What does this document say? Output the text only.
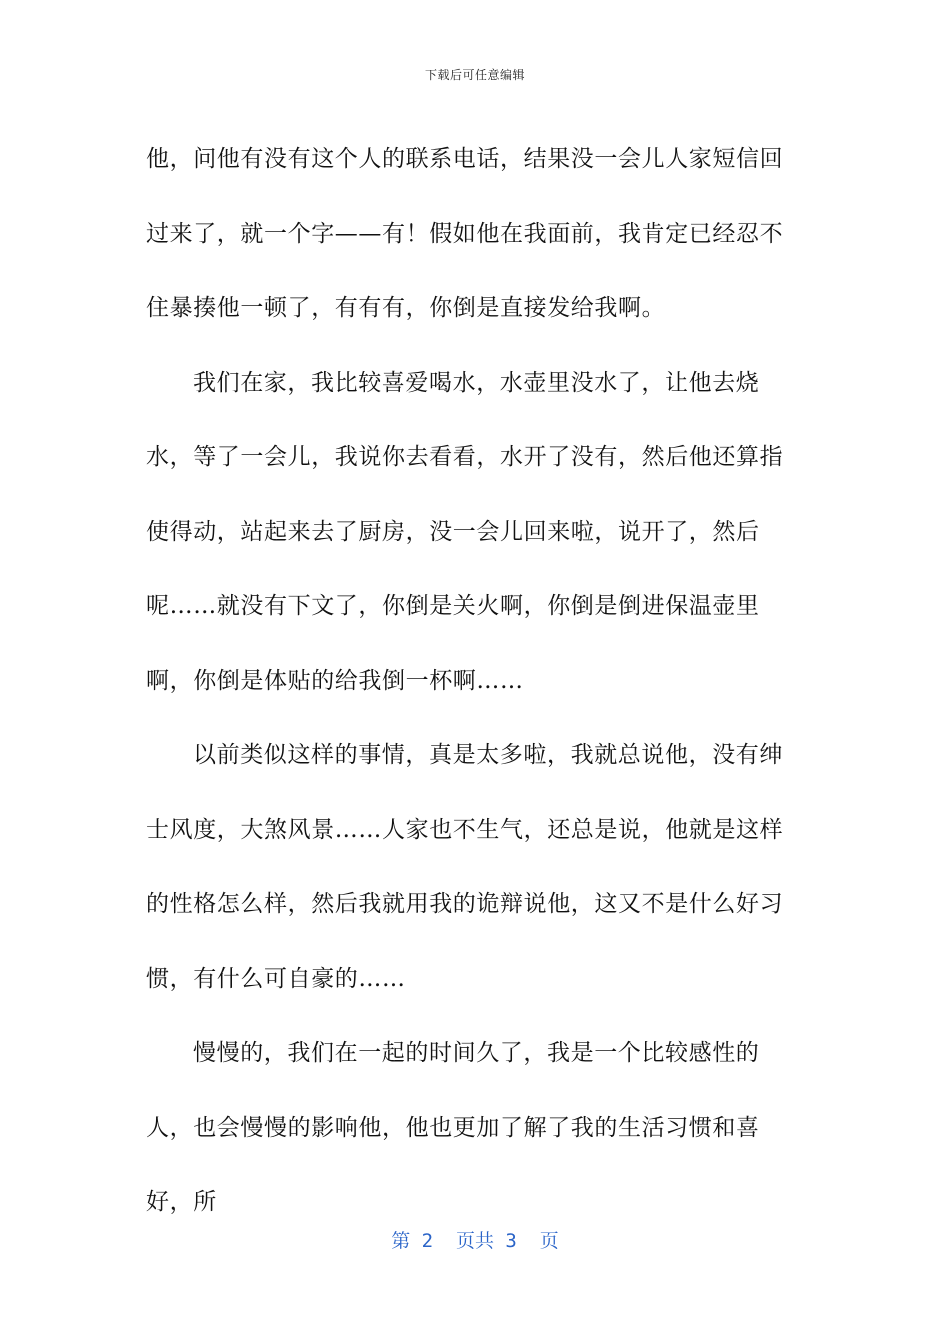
下载后可任意编辑

他，问他有没有这个人的联系电话，结果没一会儿人家短信回过来了，就一个字——有！假如他在我面前，我肯定已经忍不住暴揍他一顿了，有有有，你倒是直接发给我啊。

我们在家，我比较喜爱喝水，水壶里没水了，让他去烧水，等了一会儿，我说你去看看，水开了没有，然后他还算指使得动，站起来去了厨房，没一会儿回来啦，说开了，然后呢……就没有下文了，你倒是关火啊，你倒是倒进保温壶里啊，你倒是体贴的给我倒一杯啊……

以前类似这样的事情，真是太多啦，我就总说他，没有绅士风度，大煞风景……人家也不生气，还总是说，他就是这样的性格怎么样，然后我就用我的诡辩说他，这又不是什么好习惯，有什么可自豪的……

慢慢的，我们在一起的时间久了，我是一个比较感性的人，也会慢慢的影响他，他也更加了解了我的生活习惯和喜好，所

第 2  页共 3  页
